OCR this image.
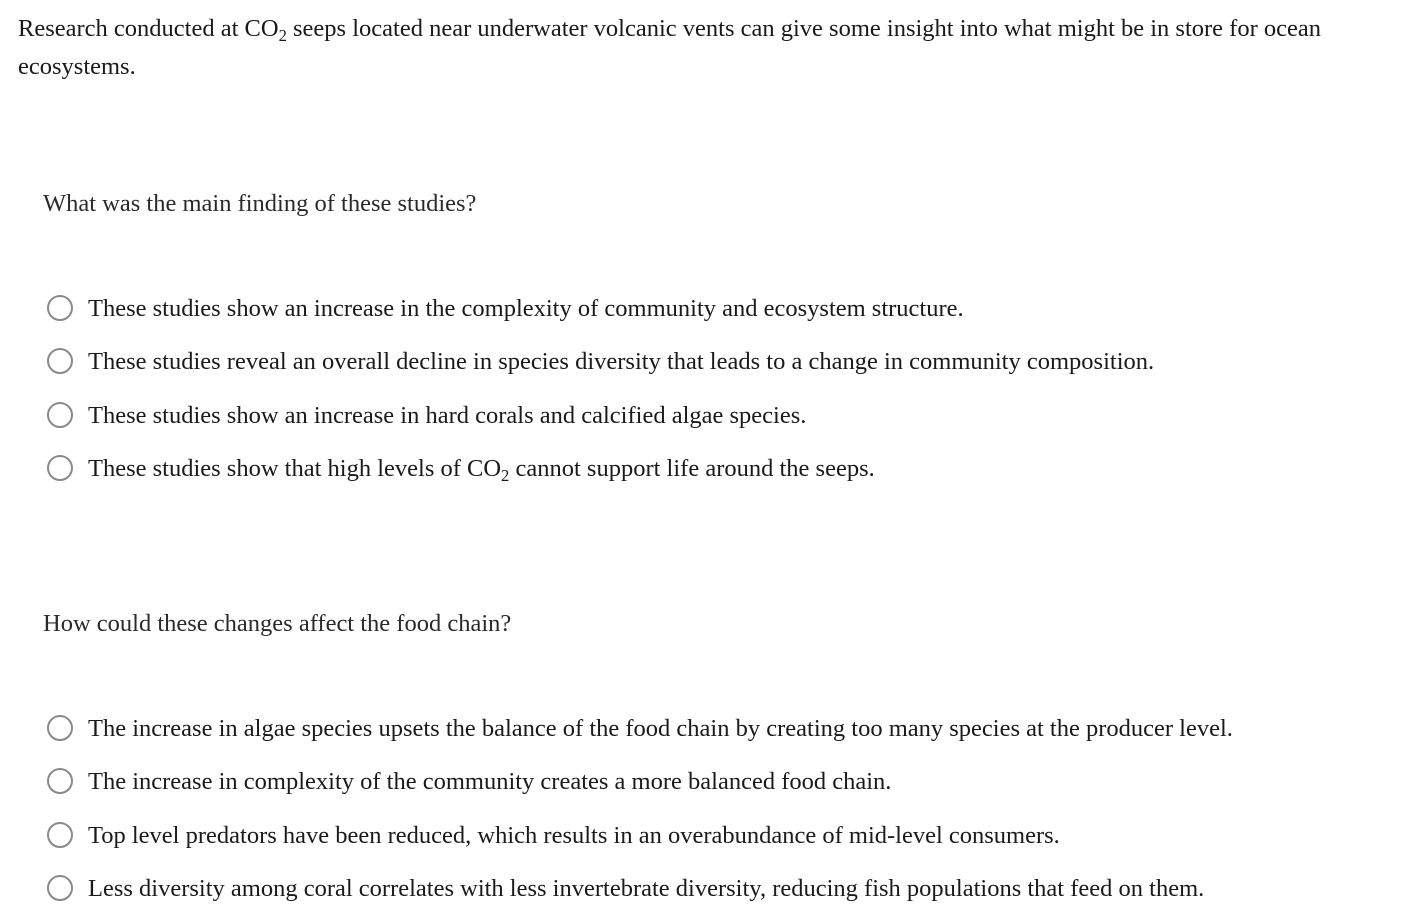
Research conducted at $CO_2$ seeps located near underwater volcanic vents can give some insight into what might be in store for ocean ecosystems.

What was the main finding of these studies?

These studies show an increase in the complexity of community and ecosystem structure.
These studies reveal an overall decline in species diversity that leads to a change in community composition.
These studies show an increase in hard corals and calcified algae species.
These studies show that high levels of $CO_2$ cannot support life around the seeps.

How could these changes affect the food chain?

The increase in algae species upsets the balance of the food chain by creating too many species at the producer level.
The increase in complexity of the community creates a more balanced food chain.
Top level predators have been reduced, which results in an overabundance of mid-level consumers.
Less diversity among coral correlates with less invertebrate diversity, reducing fish populations that feed on them.
